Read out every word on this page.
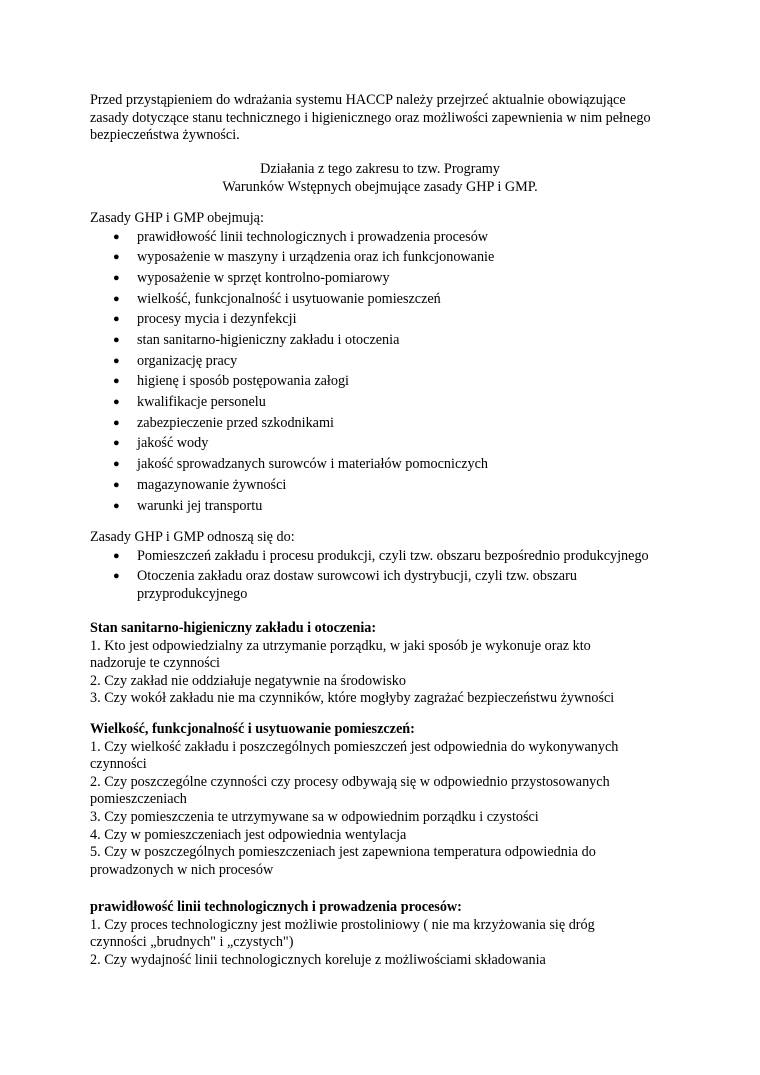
Przed przystąpieniem do wdrażania systemu HACCP należy przejrzeć aktualnie obowiązujące zasady dotyczące stanu technicznego i higienicznego oraz możliwości zapewnienia w nim pełnego bezpieczeństwa żywności.
Działania z tego zakresu to tzw. Programy
Warunków Wstępnych obejmujące zasady GHP i GMP.
Zasady GHP i GMP obejmują:
● prawidłowość linii technologicznych i prowadzenia procesów
● wyposażenie w maszyny i urządzenia oraz ich funkcjonowanie
● wyposażenie w sprzęt kontrolno-pomiarowy
● wielkość, funkcjonalność i usytuowanie pomieszczeń
● procesy mycia i dezynfekcji
● stan sanitarno-higieniczny zakładu i otoczenia
● organizację pracy
● higienę i sposób postępowania załogi
● kwalifikacje personelu
● zabezpieczenie przed szkodnikami
● jakość wody
● jakość sprowadzanych surowców i materiałów pomocniczych
● magazynowanie żywności
● warunki jej transportu
Zasady GHP i GMP odnoszą się do:
● Pomieszczeń zakładu i procesu produkcji, czyli tzw. obszaru bezpośrednio produkcyjnego
● Otoczenia zakładu oraz dostaw surowcowi ich dystrybucji, czyli tzw. obszaru przyprodukcyjnego
Stan sanitarno-higieniczny zakładu i otoczenia:
1. Kto jest odpowiedzialny za utrzymanie porządku, w jaki sposób je wykonuje oraz kto nadzoruje te czynności
2. Czy zakład nie oddziałuje negatywnie na środowisko
3. Czy wokół zakładu nie ma czynników, które mogłyby zagrażać bezpieczeństwu żywności
Wielkość, funkcjonalność i usytuowanie pomieszczeń:
1. Czy wielkość zakładu i poszczególnych pomieszczeń jest odpowiednia do wykonywanych czynności
2. Czy poszczególne czynności czy procesy odbywają się w odpowiednio przystosowanych pomieszczeniach
3. Czy pomieszczenia te utrzymywane sa w odpowiednim porządku i czystości
4. Czy w pomieszczeniach jest odpowiednia wentylacja
5. Czy w poszczególnych pomieszczeniach jest zapewniona temperatura odpowiednia do prowadzonych w nich procesów
prawidłowość linii technologicznych i prowadzenia procesów:
1. Czy proces technologiczny jest możliwie prostoliniowy ( nie ma krzyżowania się dróg czynności „brudnych" i „czystych")
2. Czy wydajność linii technologicznych koreluje z możliwościami składowania
